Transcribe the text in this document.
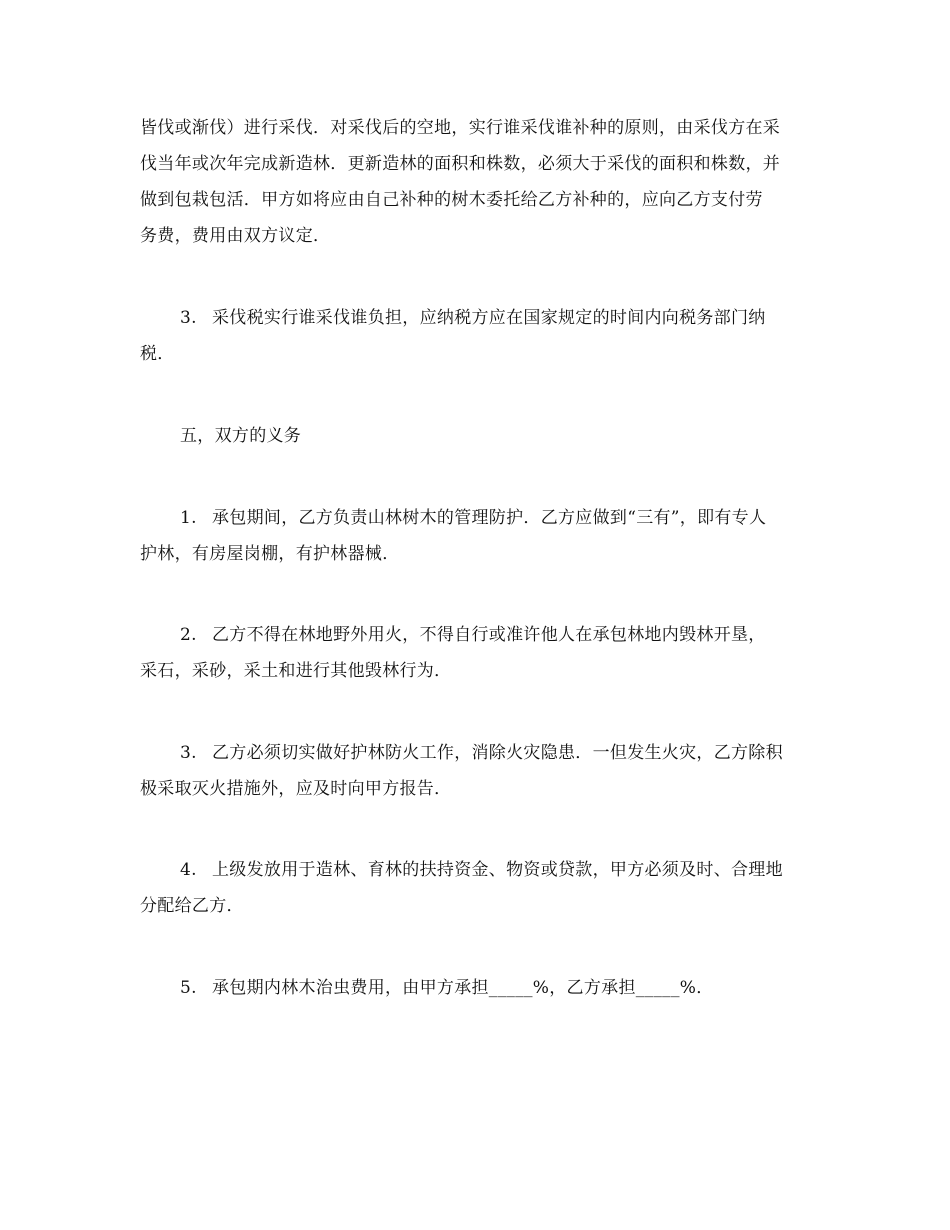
皆伐或渐伐）进行采伐．对采伐后的空地，实行谁采伐谁补种的原则，由采伐方在采
伐当年或次年完成新造林．更新造林的面积和株数，必须大于采伐的面积和株数，并
做到包栽包活．甲方如将应由自己补种的树木委托给乙方补种的，应向乙方支付劳
务费，费用由双方议定．
3. 采伐税实行谁采伐谁负担，应纳税方应在国家规定的时间内向税务部门纳
税．
五，双方的义务
1. 承包期间，乙方负责山林树木的管理防护．乙方应做到“三有”，即有专人
护林，有房屋岗棚，有护林器械．
2. 乙方不得在林地野外用火，不得自行或准许他人在承包林地内毁林开垦，
采石，采砂，采土和进行其他毁林行为．
3. 乙方必须切实做好护林防火工作，消除火灾隐患．一但发生火灾，乙方除积
极采取灭火措施外，应及时向甲方报告．
4. 上级发放用于造林、育林的扶持资金、物资或贷款，甲方必须及时、合理地
分配给乙方．
5. 承包期内林木治虫费用，由甲方承担_____%，乙方承担_____%．
